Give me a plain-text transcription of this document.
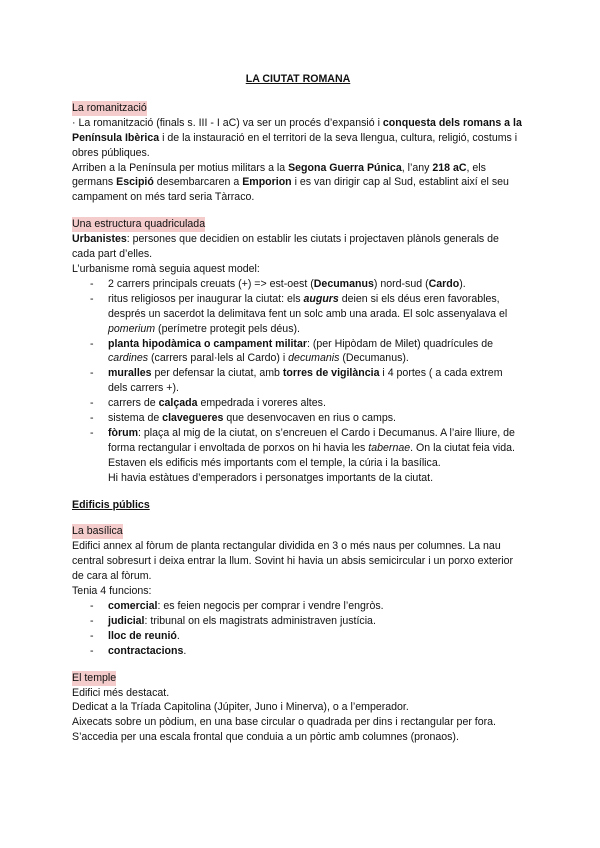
LA CIUTAT ROMANA
La romanització

· La romanització (finals s. III - I aC) va ser un procés d’expansió i conquesta dels romans a la Península Ibèrica i de la instauració en el territori de la seva llengua, cultura, religió, costums i obres públiques.

Arriben a la Península per motius militars a la Segona Guerra Púnica, l’any 218 aC, els germans Escipió desembarcaren a Emporion i es van dirigir cap al Sud, establint així el seu campament on més tard seria Tàrraco.

Una estructura quadriculada

Urbanistes: persones que decidien on establir les ciutats i projectaven plànols generals de cada part d’elles.

L’urbanisme romà seguia aquest model:

- 2 carrers principals creuats (+) => est-oest (Decumanus) nord-sud (Cardo).
- ritus religiosos per inaugurar la ciutat: els augurs deien si els déus eren favorables, després un sacerdot la delimitava fent un solc amb una arada. El solc assenyalava el pomerium (perímetre protegit pels déus).
- planta hipodàmica o campament militar: (per Hipòdam de Milet) quadrícules de cardines (carrers paral·lels al Cardo) i decumanis (Decumanus).
- muralles per defensar la ciutat, amb torres de vigilància i 4 portes ( a cada extrem dels carrers +).
- carrers de calçada empedrada i voreres altes.
- sistema de clavegueres que desenvocaven en rius o camps.
- fòrum: plaça al mig de la ciutat, on s’encreuen el Cardo i Decumanus. A l’aire lliure, de forma rectangular i envoltada de porxos on hi havia les tabernae. On la ciutat feia vida.

Estaven els edificis més importants com el temple, la cúria i la basílica.

Hi havia estàtues d’emperadors i personatges importants de la ciutat.

Edificis públics
La basílica

Edifici annex al fòrum de planta rectangular dividida en 3 o més naus per columnes. La nau central sobresurt i deixa entrar la llum. Sovint hi havia un absis semicircular i un porxo exterior de cara al fòrum.

Tenia 4 funcions:

- comercial: es feien negocis per comprar i vendre l’engròs.
- judicial: tribunal on els magistrats administraven justícia.
- lloc de reunió.
- contractacions.
El temple

Edifici més destacat.

Dedicat a la Tríada Capitolina (Júpiter, Juno i Minerva), o a l’emperador.

Aixecats sobre un pòdium, en una base circular o quadrada per dins i rectangular per fora.

S’accedia per una escala frontal que conduia a un pòrtic amb columnes (pronaos).
